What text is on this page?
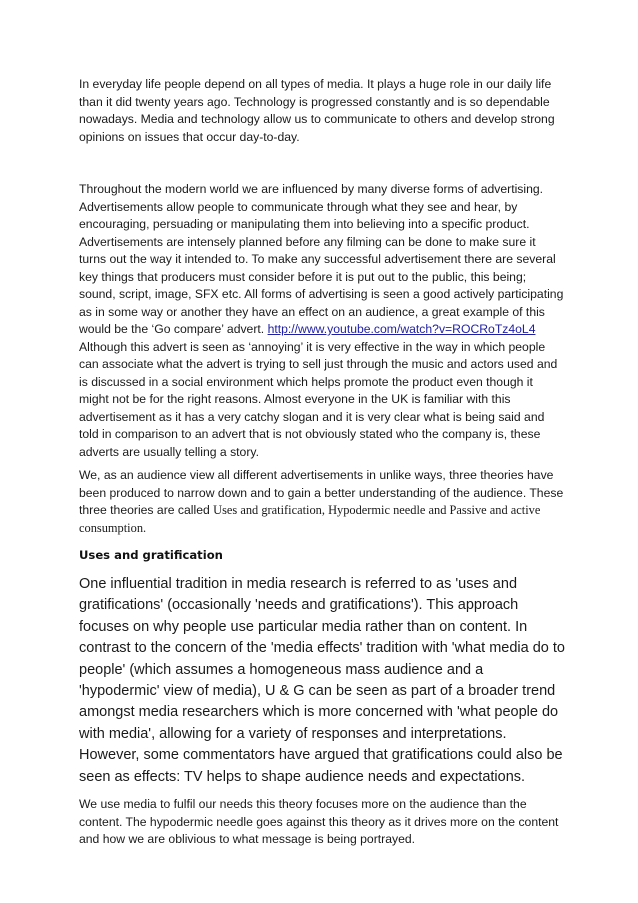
In everyday life people depend on all types of media. It plays a huge role in our daily life than it did twenty years ago. Technology is progressed constantly and is so dependable nowadays. Media and technology allow us to communicate to others and develop strong opinions on issues that occur day-to-day.

Throughout the modern world we are influenced by many diverse forms of advertising. Advertisements allow people to communicate through what they see and hear, by encouraging, persuading or manipulating them into believing into a specific product. Advertisements are intensely planned before any filming can be done to make sure it turns out the way it intended to. To make any successful advertisement there are several key things that producers must consider before it is put out to the public, this being; sound, script, image, SFX etc. All forms of advertising is seen a good actively participating as in some way or another they have an effect on an audience, a great example of this would be the ‘Go compare’ advert. http://www.youtube.com/watch?v=ROCRoTz4oL4 Although this advert is seen as ‘annoying’ it is very effective in the way in which people can associate what the advert is trying to sell just through the music and actors used and is discussed in a social environment which helps promote the product even though it might not be for the right reasons. Almost everyone in the UK is familiar with this advertisement as it has a very catchy slogan and it is very clear what is being said and told in comparison to an advert that is not obviously stated who the company is, these adverts are usually telling a story.

We, as an audience view all different advertisements in unlike ways, three theories have been produced to narrow down and to gain a better understanding of the audience. These three theories are called Uses and gratification, Hypodermic needle and Passive and active consumption.

Uses and gratification

One influential tradition in media research is referred to as 'uses and gratifications' (occasionally 'needs and gratifications'). This approach focuses on why people use particular media rather than on content. In contrast to the concern of the 'media effects' tradition with 'what media do to people' (which assumes a homogeneous mass audience and a 'hypodermic' view of media), U & G can be seen as part of a broader trend amongst media researchers which is more concerned with 'what people do with media', allowing for a variety of responses and interpretations. However, some commentators have argued that gratifications could also be seen as effects: TV helps to shape audience needs and expectations.

We use media to fulfil our needs this theory focuses more on the audience than the content. The hypodermic needle goes against this theory as it drives more on the content and how we are oblivious to what message is being portrayed.
